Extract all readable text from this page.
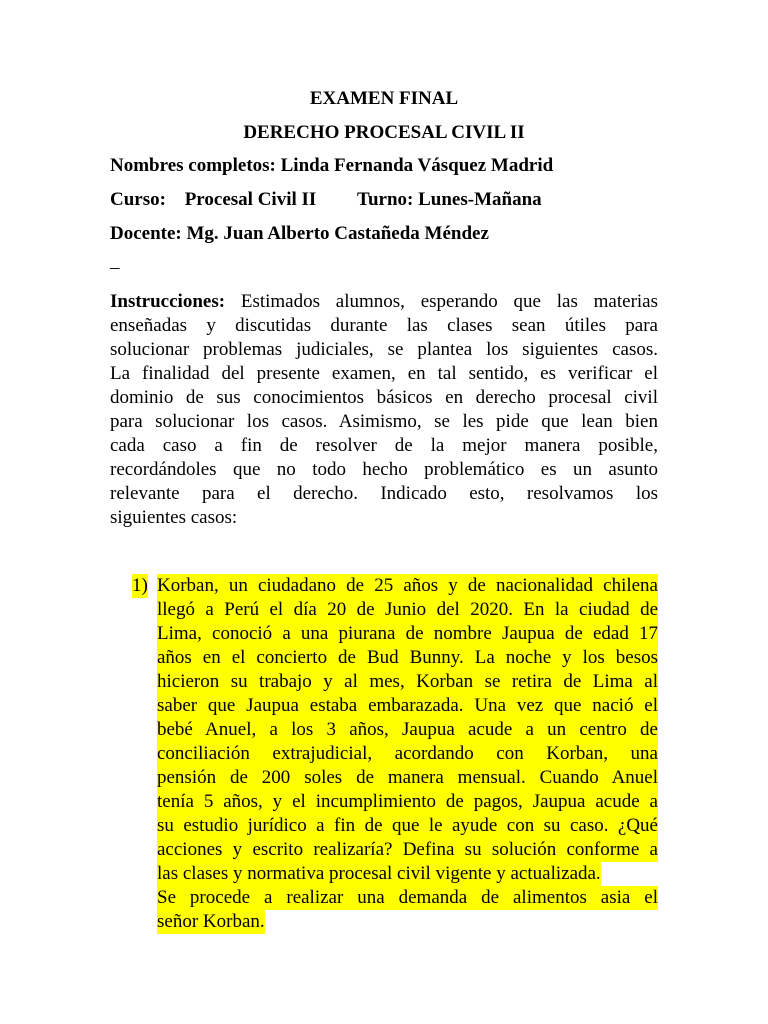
EXAMEN FINAL
DERECHO PROCESAL CIVIL II
Nombres completos: Linda Fernanda Vásquez Madrid
Curso: Procesal Civil II Turno: Lunes-Mañana
Docente: Mg. Juan Alberto Castañeda Méndez
–
Instrucciones: Estimados alumnos, esperando que las materias
enseñadas y discutidas durante las clases sean útiles para
solucionar problemas judiciales, se plantea los siguientes casos.
La finalidad del presente examen, en tal sentido, es verificar el
dominio de sus conocimientos básicos en derecho procesal civil
para solucionar los casos. Asimismo, se les pide que lean bien
cada caso a fin de resolver de la mejor manera posible,
recordándoles que no todo hecho problemático es un asunto
relevante para el derecho. Indicado esto, resolvamos los
siguientes casos:
1) Korban, un ciudadano de 25 años y de nacionalidad chilena
llegó a Perú el día 20 de Junio del 2020. En la ciudad de
Lima, conoció a una piurana de nombre Jaupua de edad 17
años en el concierto de Bud Bunny. La noche y los besos
hicieron su trabajo y al mes, Korban se retira de Lima al
saber que Jaupua estaba embarazada. Una vez que nació el
bebé Anuel, a los 3 años, Jaupua acude a un centro de
conciliación extrajudicial, acordando con Korban, una
pensión de 200 soles de manera mensual. Cuando Anuel
tenía 5 años, y el incumplimiento de pagos, Jaupua acude a
su estudio jurídico a fin de que le ayude con su caso. ¿Qué
acciones y escrito realizaría? Defina su solución conforme a
las clases y normativa procesal civil vigente y actualizada.
Se procede a realizar una demanda de alimentos asia el
señor Korban.
